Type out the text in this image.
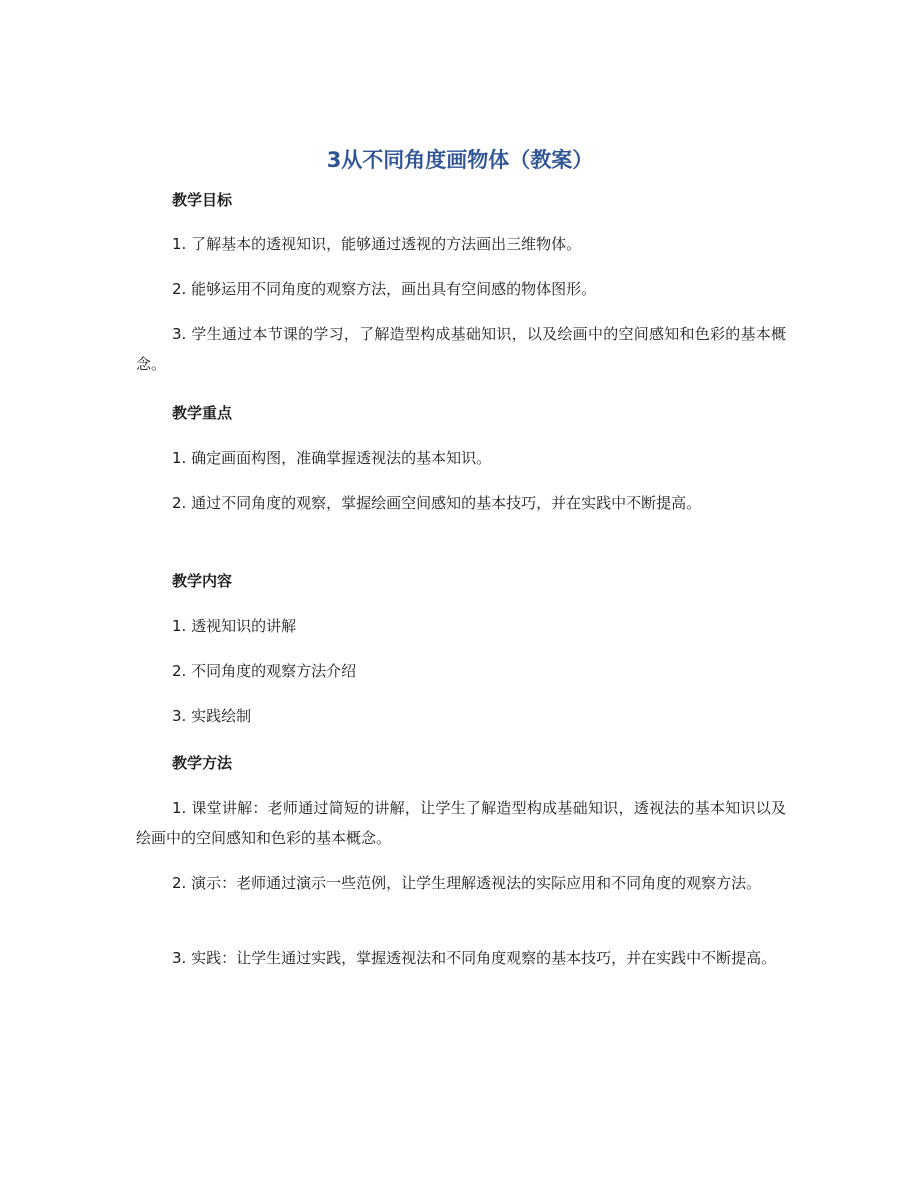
3从不同角度画物体（教案）
教学目标
1. 了解基本的透视知识，能够通过透视的方法画出三维物体。
2. 能够运用不同角度的观察方法，画出具有空间感的物体图形。
3. 学生通过本节课的学习，了解造型构成基础知识，以及绘画中的空间感知和色彩的基本概念。
教学重点
1. 确定画面构图，准确掌握透视法的基本知识。
2. 通过不同角度的观察，掌握绘画空间感知的基本技巧，并在实践中不断提高。
教学内容
1. 透视知识的讲解
2. 不同角度的观察方法介绍
3. 实践绘制
教学方法
1. 课堂讲解：老师通过简短的讲解，让学生了解造型构成基础知识，透视法的基本知识以及绘画中的空间感知和色彩的基本概念。
2. 演示：老师通过演示一些范例，让学生理解透视法的实际应用和不同角度的观察方法。
3. 实践：让学生通过实践，掌握透视法和不同角度观察的基本技巧，并在实践中不断提高。
